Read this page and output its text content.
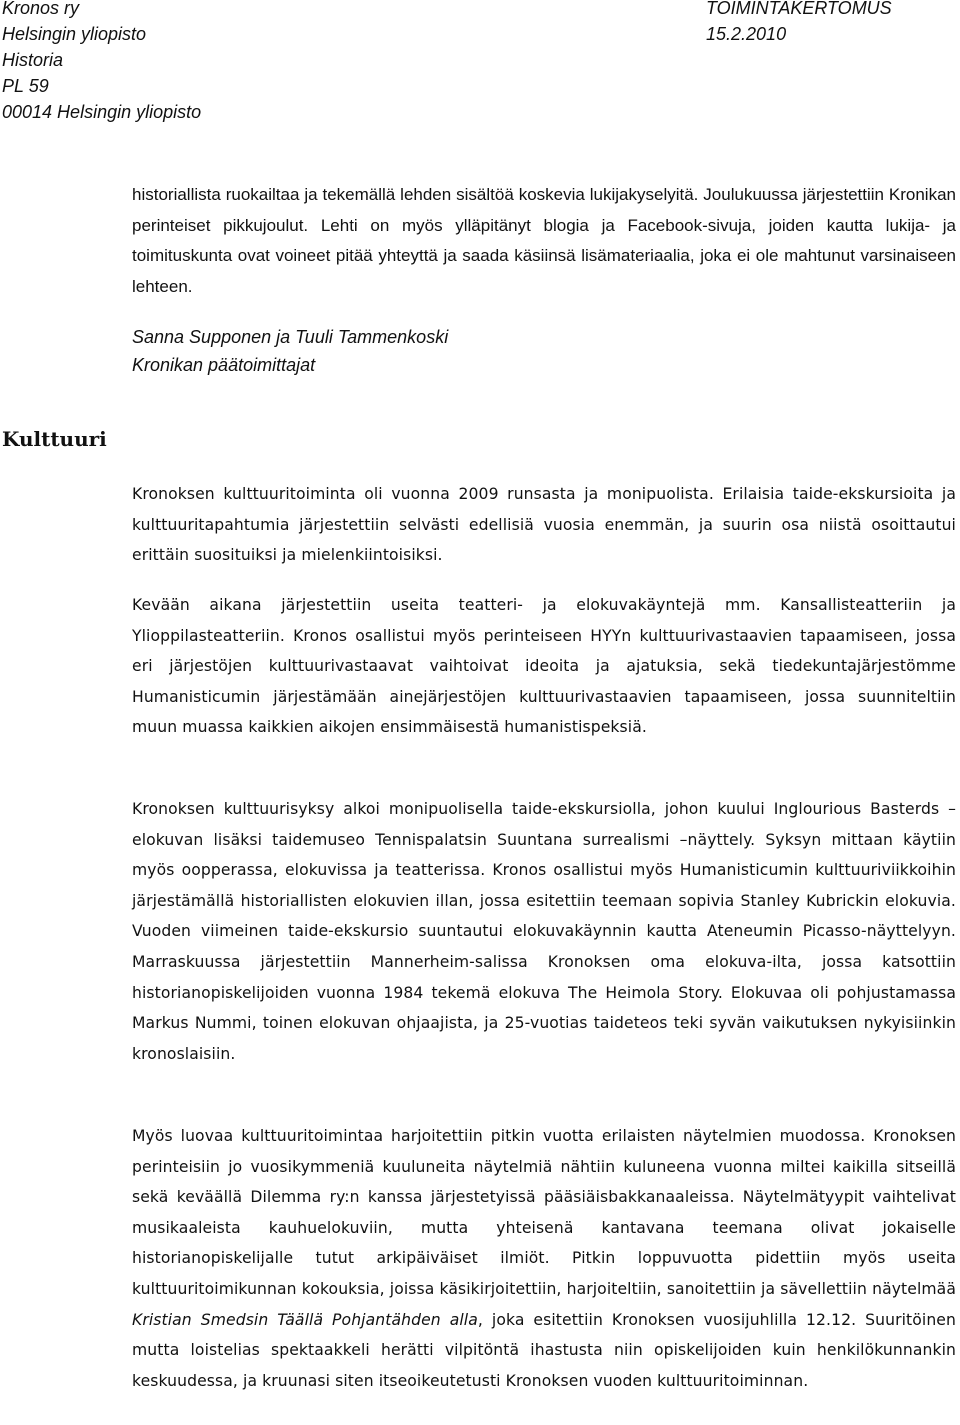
Kronos ry
Helsingin yliopisto
Historia
PL 59
00014 Helsingin yliopisto
TOIMINTAKERTOMUS
15.2.2010

historiallista ruokailtaa ja tekemällä lehden sisältöä koskevia lukijakyselyitä. Joulukuussa järjestettiin Kronikan perinteiset pikkujoulut. Lehti on myös ylläpitänyt blogia ja Facebook-sivuja, joiden kautta lukija- ja toimituskunta ovat voineet pitää yhteyttä ja saada käsiinsä lisämateriaalia, joka ei ole mahtunut varsinaiseen lehteen.

Sanna Supponen ja Tuuli Tammenkoski
Kronikan päätoimittajat
Kulttuuri

Kronoksen kulttuuritoiminta oli vuonna 2009 runsasta ja monipuolista. Erilaisia taide-ekskursioita ja kulttuuritapahtumia järjestettiin selvästi edellisiä vuosia enemmän, ja suurin osa niistä osoittautui erittäin suosituiksi ja mielenkiintoisiksi.

Kevään aikana järjestettiin useita teatteri- ja elokuvakäyntejä mm. Kansallisteatteriin ja Ylioppilasteatteriin. Kronos osallistui myös perinteiseen HYYn kulttuurivastaavien tapaamiseen, jossa eri järjestöjen kulttuurivastaavat vaihtoivat ideoita ja ajatuksia, sekä tiedekuntajärjestömme Humanisticumin järjestämään ainejärjestöjen kulttuurivastaavien tapaamiseen, jossa suunniteltiin muun muassa kaikkien aikojen ensimmäisestä humanistispeksiä.

Kronoksen kulttuurisyksy alkoi monipuolisella taide-ekskursiolla, johon kuului Inglourious Basterds –elokuvan lisäksi taidemuseo Tennispalatsin Suuntana surrealismi –näyttely. Syksyn mittaan käytiin myös oopperassa, elokuvissa ja teatterissa. Kronos osallistui myös Humanisticumin kulttuuriviikkoihin järjestämällä historiallisten elokuvien illan, jossa esitettiin teemaan sopivia Stanley Kubrickin elokuvia. Vuoden viimeinen taide-ekskursio suuntautui elokuvakäynnin kautta Ateneumin Picasso-näyttelyyn. Marraskuussa järjestettiin Mannerheim-salissa Kronoksen oma elokuva-ilta, jossa katsottiin historianopiskelijoiden vuonna 1984 tekemä elokuva The Heimola Story. Elokuvaa oli pohjustamassa Markus Nummi, toinen elokuvan ohjaajista, ja 25-vuotias taideteos teki syvän vaikutuksen nykyisiinkin kronoslaisiin.

Myös luovaa kulttuuritoimintaa harjoitettiin pitkin vuotta erilaisten näytelmien muodossa. Kronoksen perinteisiin jo vuosikymmeniä kuuluneita näytelmiä nähtiin kuluneena vuonna miltei kaikilla sitseillä sekä keväällä Dilemma ry:n kanssa järjestetyissä pääsiäisbakkanaaleissa. Näytelmätyypit vaihtelivat musikaaleista kauhuelokuviin, mutta yhteisenä kantavana teemana olivat jokaiselle historianopiskelijalle tutut arkipäiväiset ilmiöt. Pitkin loppuvuotta pidettiin myös useita kulttuuritoimikunnan kokouksia, joissa käsikirjoitettiin, harjoiteltiin, sanoitettiin ja sävellettiin näytelmää Kristian Smedsin Täällä Pohjantähden alla, joka esitettiin Kronoksen vuosijuhlilla 12.12. Suuritöinen mutta loistelias spektaakkeli herätti vilpitöntä ihastusta niin opiskelijoiden kuin henkilökunnankin keskuudessa, ja kruunasi siten itseoikeutetusti Kronoksen vuoden kulttuuritoiminnan.
